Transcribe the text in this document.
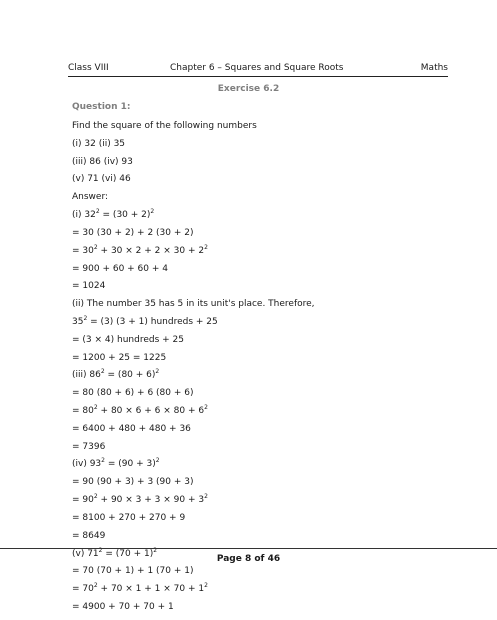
Class VIII	Chapter 6 – Squares and Square Roots	Maths
Exercise 6.2
Question 1:
Find the square of the following numbers
(i) 32 (ii) 35
(iii) 86 (iv) 93
(v) 71 (vi) 46
Answer:
(i) $32^2 = (30 + 2)^2$
= 30 (30 + 2) + 2 (30 + 2)
= $30^2 + 30 \times 2 + 2 \times 30 + 2^2$
= 900 + 60 + 60 + 4
= 1024
(ii) The number 35 has 5 in its unit's place. Therefore,
$35^2 = (3) (3 + 1)$ hundreds + 25
= (3 × 4) hundreds + 25
= 1200 + 25 = 1225
(iii) $86^2 = (80 + 6)^2$
= 80 (80 + 6) + 6 (80 + 6)
= $80^2 + 80 \times 6 + 6 \times 80 + 6^2$
= 6400 + 480 + 480 + 36
= 7396
(iv) $93^2 = (90 + 3)^2$
= 90 (90 + 3) + 3 (90 + 3)
= $90^2 + 90 \times 3 + 3 \times 90 + 3^2$
= 8100 + 270 + 270 + 9
= 8649
(v) $71^2 = (70 + 1)^2$
= 70 (70 + 1) + 1 (70 + 1)
= $70^2 + 70 \times 1 + 1 \times 70 + 1^2$
= 4900 + 70 + 70 + 1
Page 8 of 46
